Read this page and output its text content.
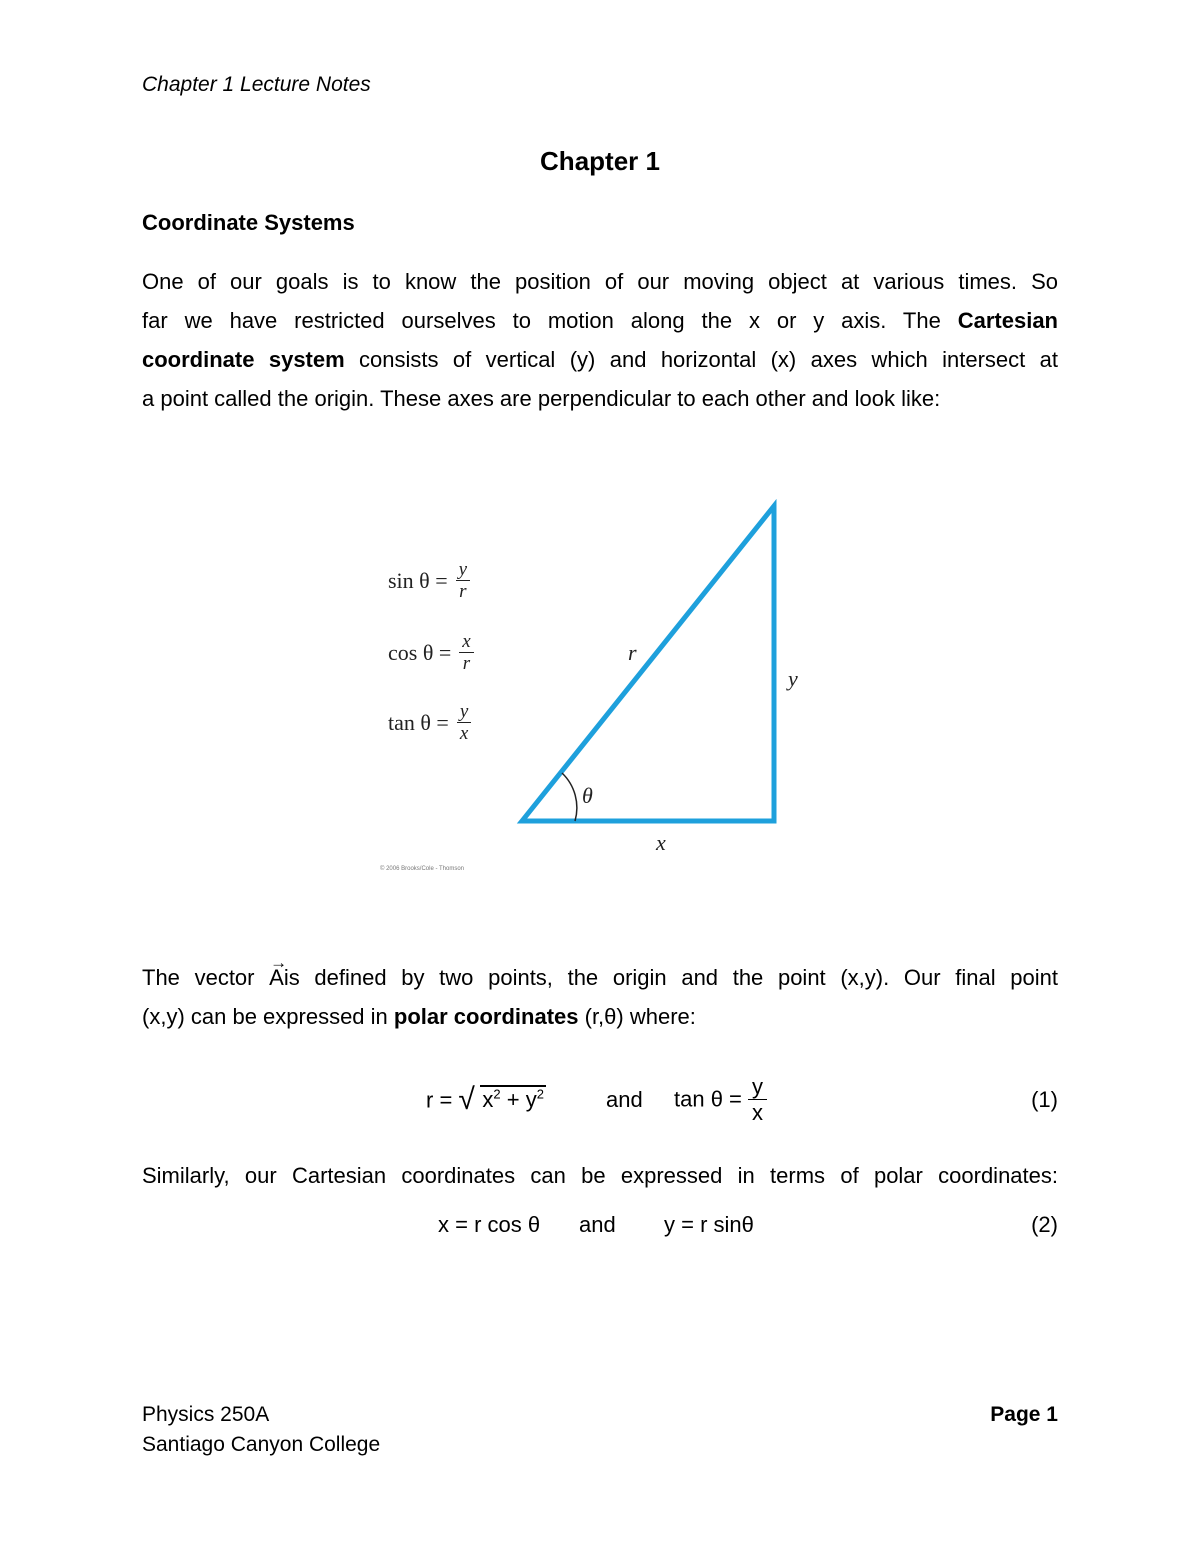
Chapter 1 Lecture Notes
Chapter 1
Coordinate Systems
One of our goals is to know the position of our moving object at various times. So
far we have restricted ourselves to motion along the x or y axis. The Cartesian
coordinate system consists of vertical (y) and horizontal (x) axes which intersect at
a point called the origin. These axes are perpendicular to each other and look like:
$\sin \theta = \frac{y}{r}$
$\cos \theta = \frac{x}{r}$
$\tan \theta = \frac{y}{x}$
r
y
x
θ
© 2006 Brooks/Cole - Thomson
The vector
→
Ais defined by two points, the origin and the point (x,y). Our final point
(x,y) can be expressed in polar coordinates (r,θ) where:
r = √ $x^2 + y^2$	and $\tan \theta = \frac{y}{x}$	(1)
Similarly, our Cartesian coordinates can be expressed in terms of polar coordinates:
x = r cos θ and y = r sinθ	(2)
Physics 250A
Santiago Canyon College
Page 1
